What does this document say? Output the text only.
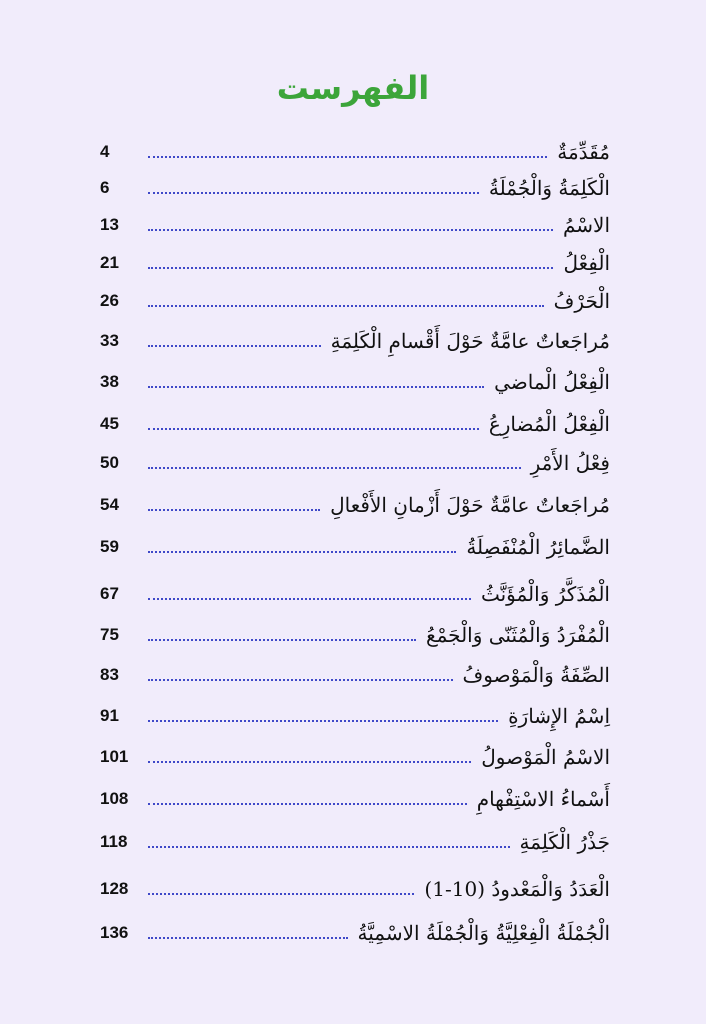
الفهرست
مُقَدِّمَةٌ
4
الْكَلِمَةُ وَالْجُمْلَةُ
6
الاسْمُ
13
الْفِعْلُ
21
الْحَرْفُ
26
مُراجَعاتٌ عامَّةٌ حَوْلَ أَقْسامِ الْكَلِمَةِ
33
الْفِعْلُ الْماضي
38
الْفِعْلُ الْمُضارِعُ
45
فِعْلُ الأَمْرِ
50
مُراجَعاتٌ عامَّةٌ حَوْلَ أَزْمانِ الأَفْعالِ
54
الضَّمائِرُ الْمُنْفَصِلَةُ
59
الْمُذَكَّرُ وَالْمُؤَنَّثُ
67
الْمُفْرَدُ وَالْمُثَنّى وَالْجَمْعُ
75
الصِّفَةُ وَالْمَوْصوفُ
83
اِسْمُ الإِشارَةِ
91
الاسْمُ الْمَوْصولُ
101
أَسْماءُ الاسْتِفْهامِ
108
جَذْرُ الْكَلِمَةِ
118
الْعَدَدُ وَالْمَعْدودُ (10-1)
128
الْجُمْلَةُ الْفِعْلِيَّةُ وَالْجُمْلَةُ الاسْمِيَّةُ
136
